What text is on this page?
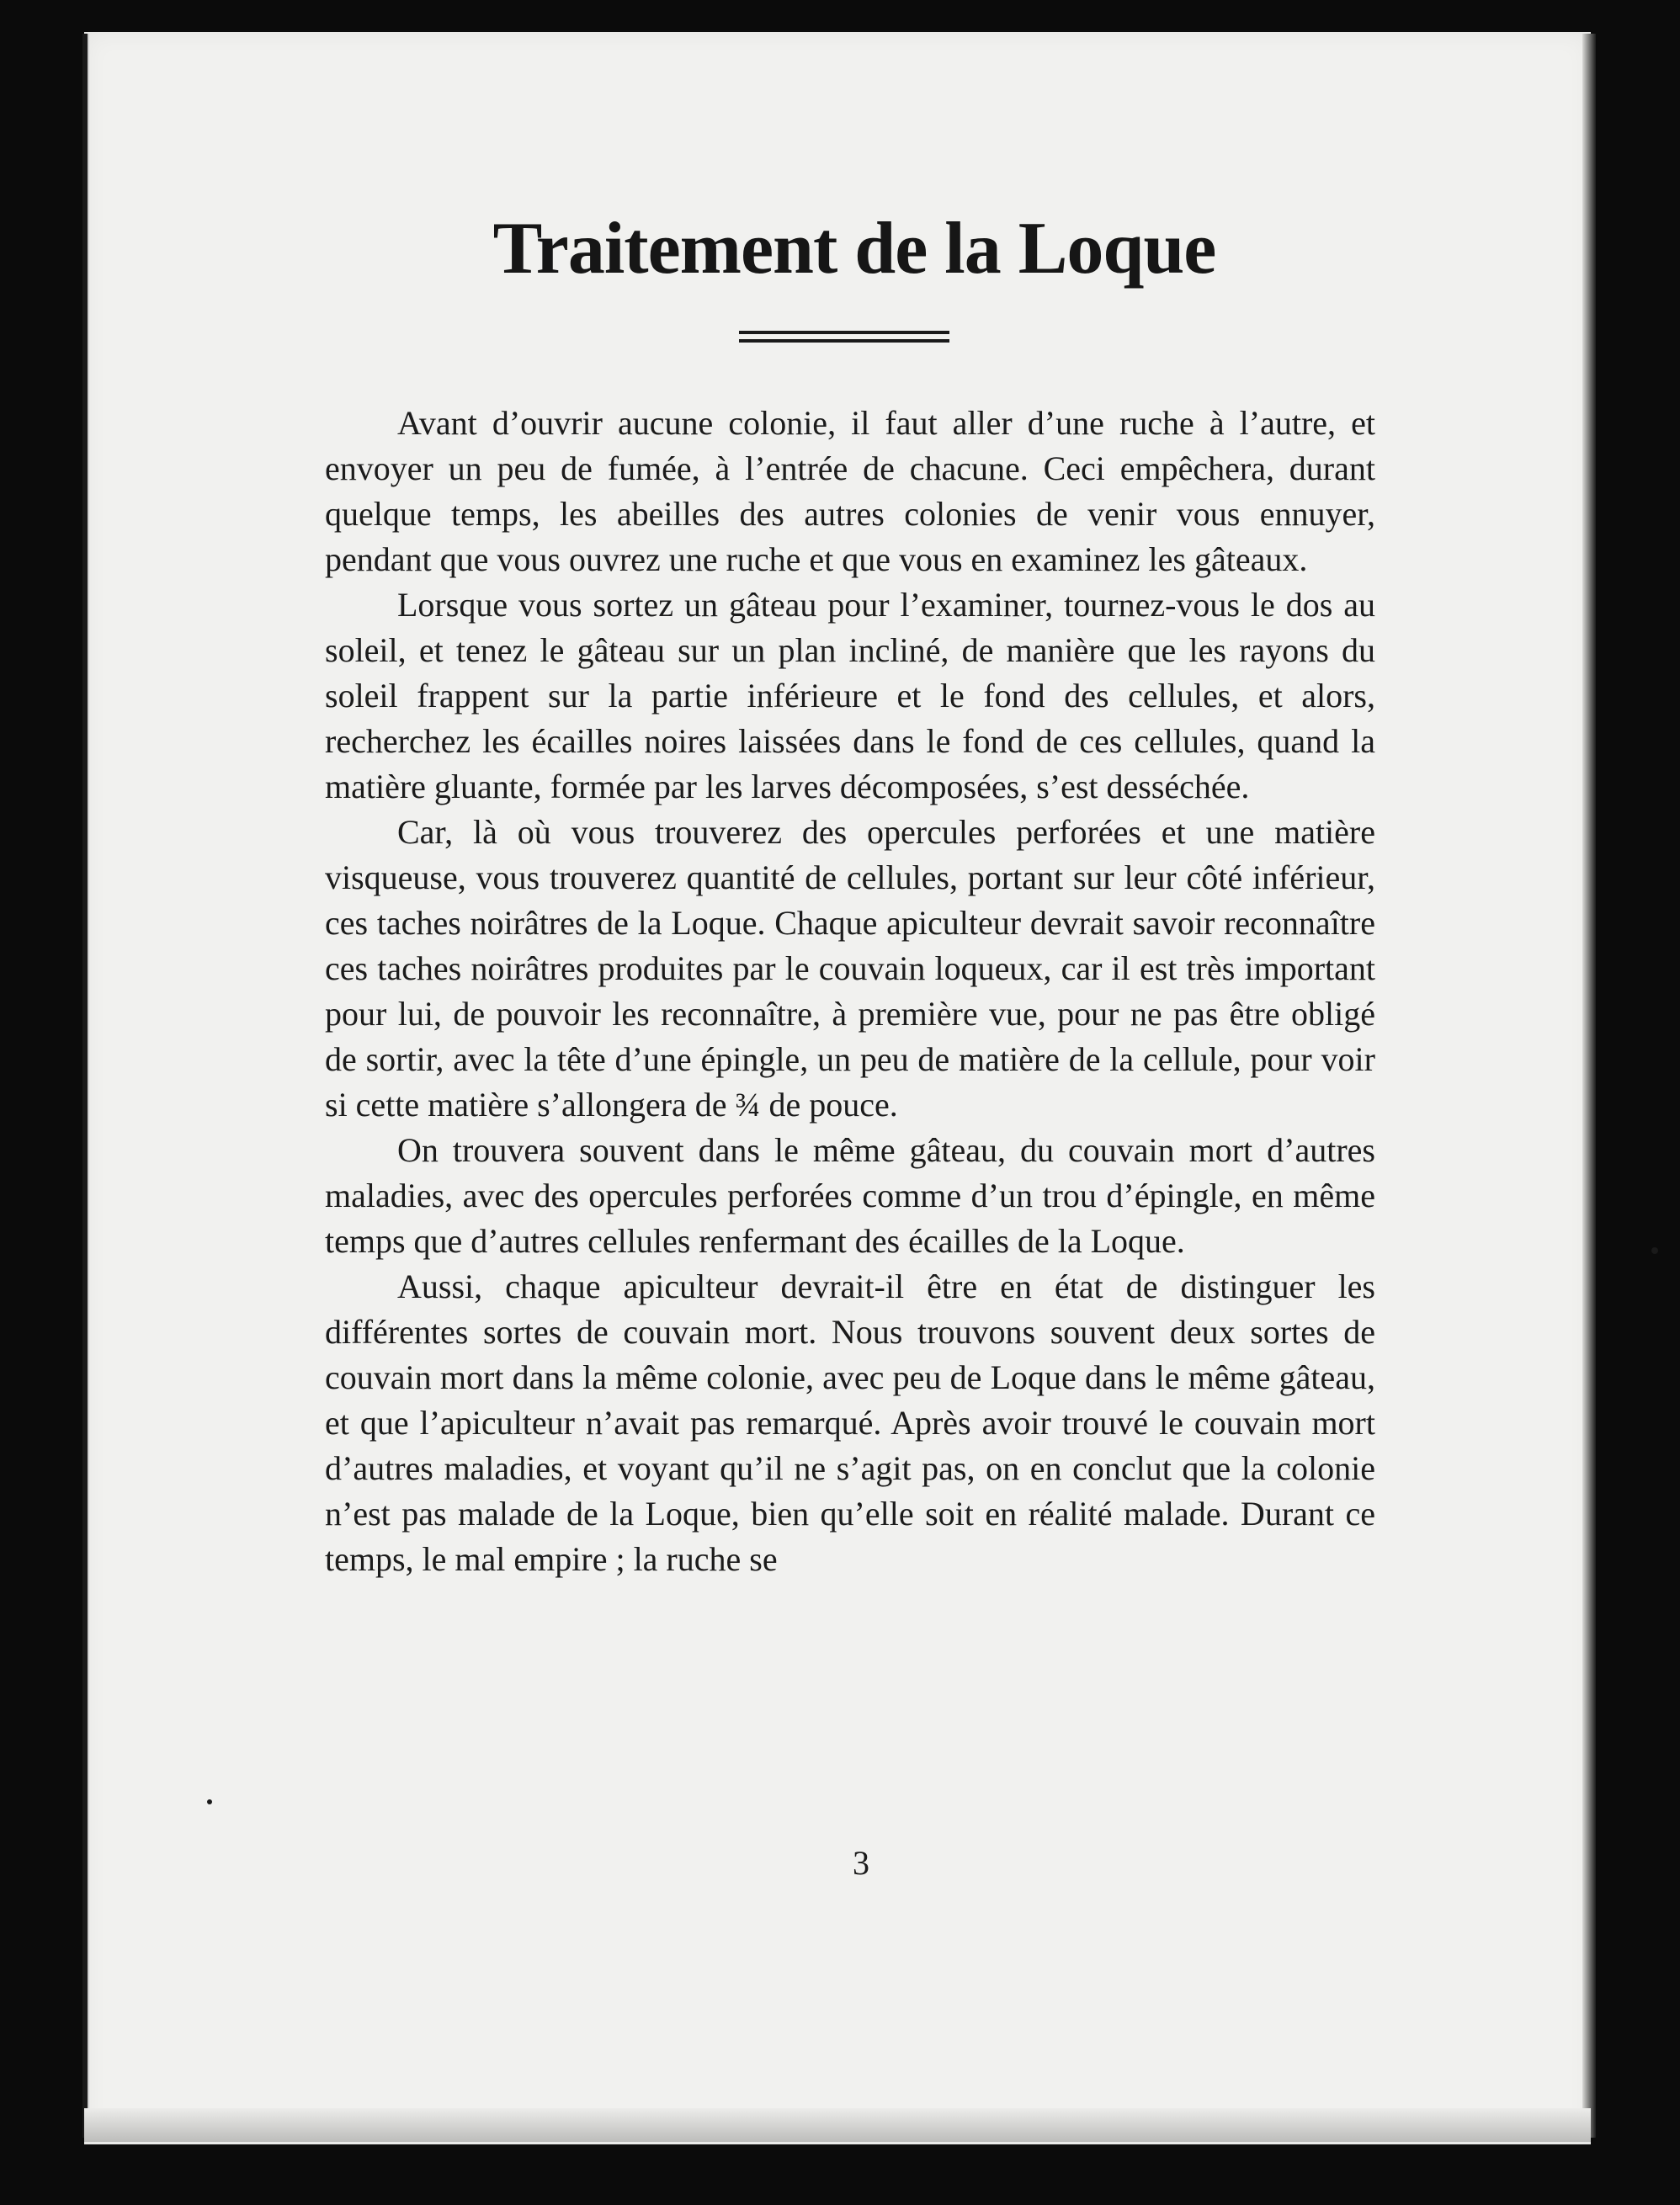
Traitement de la Loque

Avant d’ouvrir aucune colonie, il faut aller d’une ruche à l’autre, et envoyer un peu de fumée, à l’entrée de chacune. Ceci empêchera, durant quelque temps, les abeilles des autres colonies de venir vous ennuyer, pendant que vous ouvrez une ruche et que vous en examinez les gâteaux.

Lorsque vous sortez un gâteau pour l’examiner, tournez-vous le dos au soleil, et tenez le gâteau sur un plan incliné, de manière que les rayons du soleil frappent sur la partie inférieure et le fond des cellules, et alors, recherchez les écailles noires laissées dans le fond de ces cellules, quand la matière gluante, formée par les larves décomposées, s’est desséchée.

Car, là où vous trouverez des opercules perforées et une matière visqueuse, vous trouverez quantité de cellules, portant sur leur côté inférieur, ces taches noirâtres de la Loque. Chaque apiculteur devrait savoir reconnaître ces taches noirâtres produites par le couvain loqueux, car il est très important pour lui, de pouvoir les reconnaître, à première vue, pour ne pas être obligé de sortir, avec la tête d’une épingle, un peu de matière de la cellule, pour voir si cette matière s’allongera de ¾ de pouce.

On trouvera souvent dans le même gâteau, du couvain mort d’autres maladies, avec des opercules perforées comme d’un trou d’épingle, en même temps que d’autres cellules renfermant des écailles de la Loque.

Aussi, chaque apiculteur devrait-il être en état de distinguer les différentes sortes de couvain mort. Nous trouvons souvent deux sortes de couvain mort dans la même colonie, avec peu de Loque dans le même gâteau, et que l’apiculteur n’avait pas remarqué. Après avoir trouvé le couvain mort d’autres maladies, et voyant qu’il ne s’agit pas, on en conclut que la colonie n’est pas malade de la Loque, bien qu’elle soit en réalité malade. Durant ce temps, le mal empire ; la ruche se

3
